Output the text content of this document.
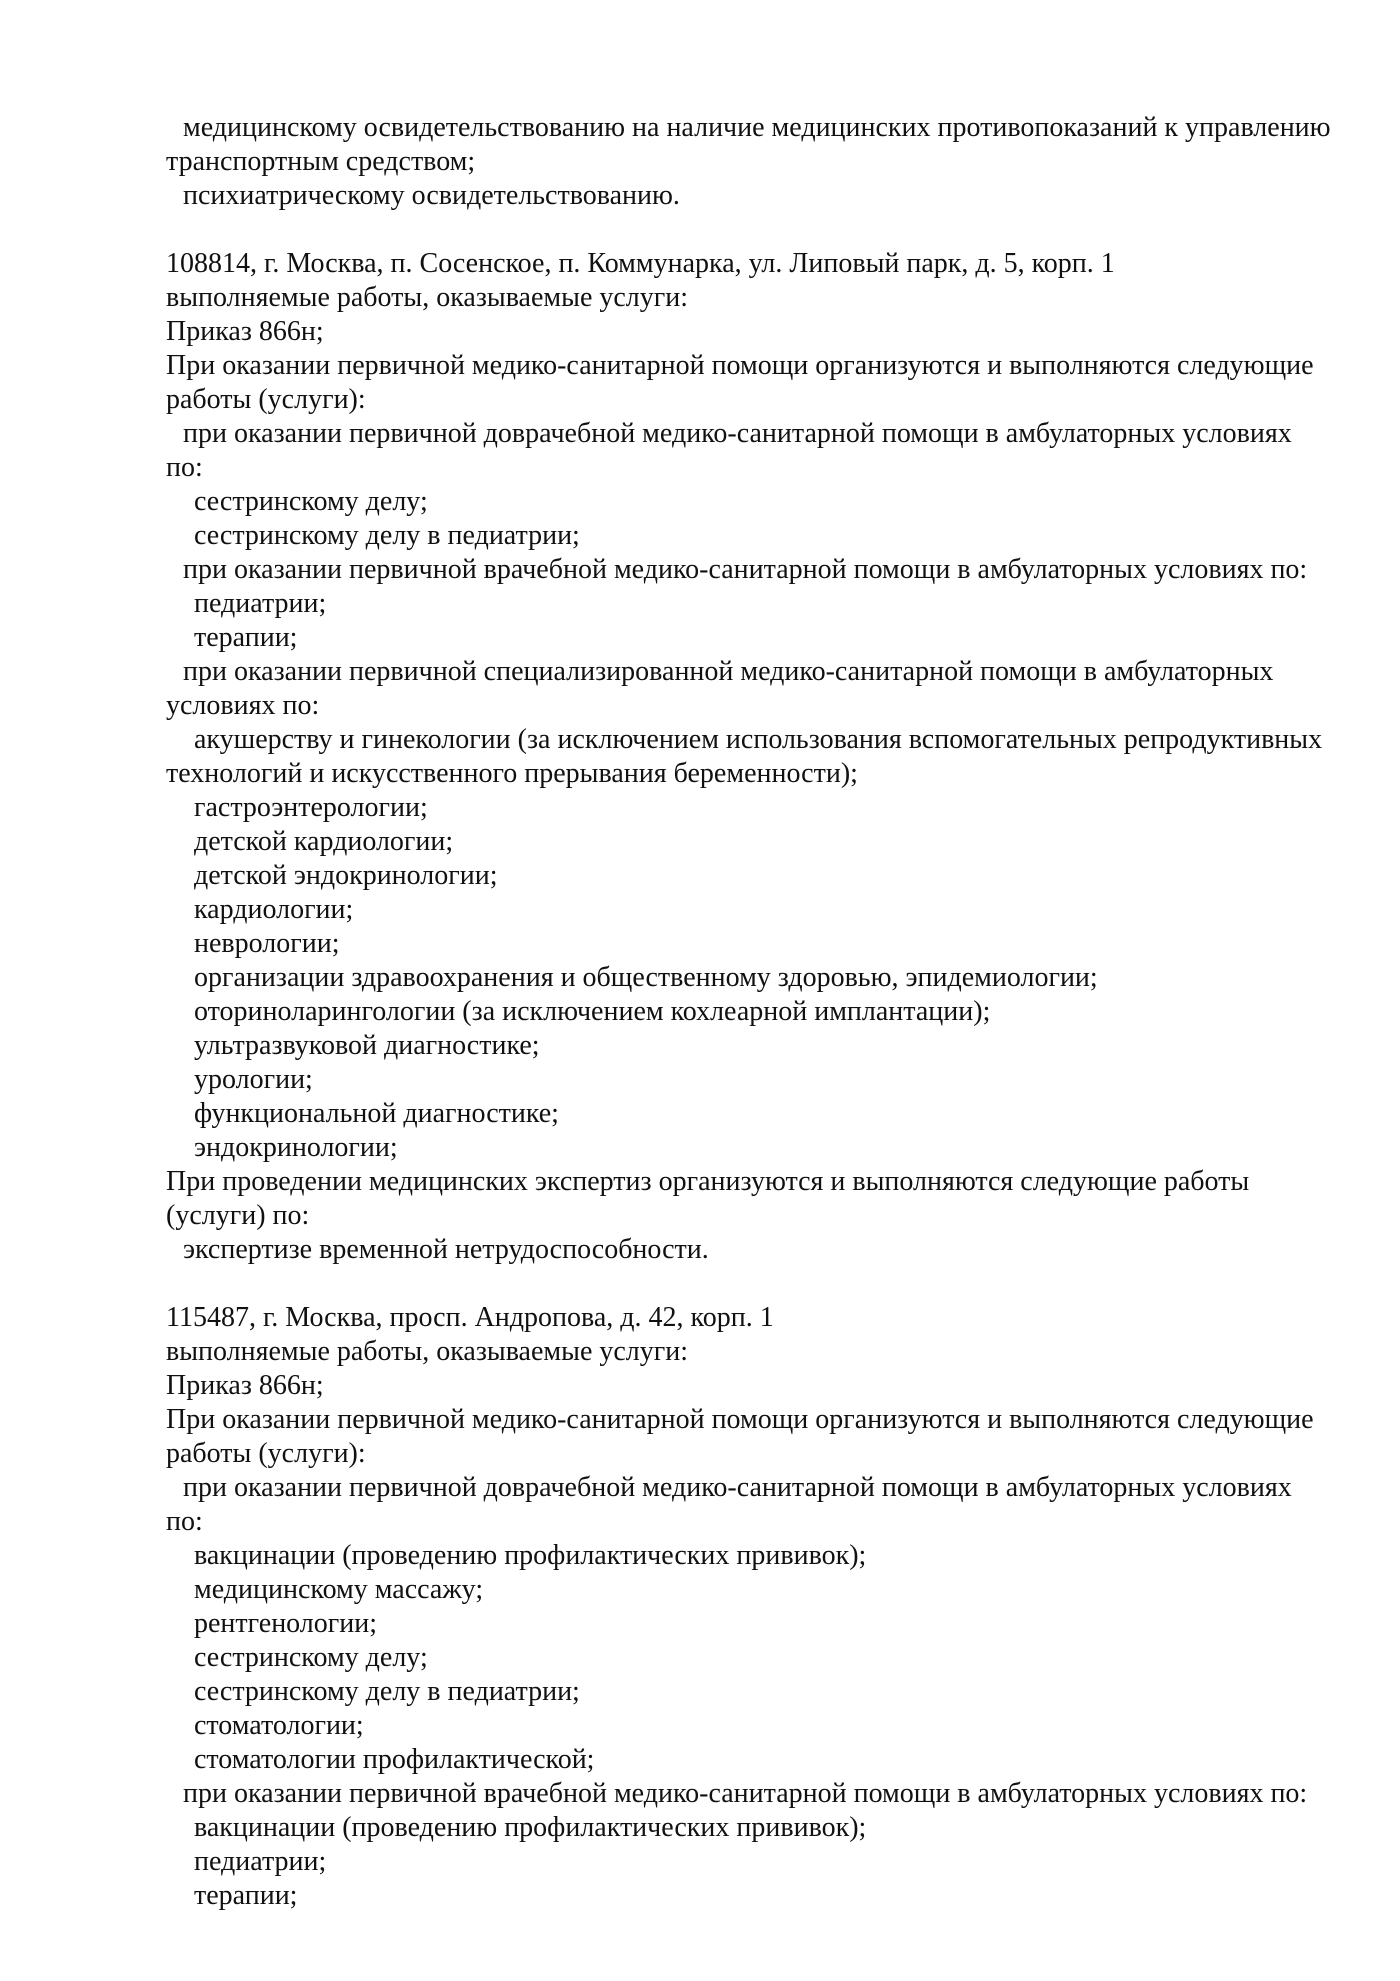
медицинскому освидетельствованию на наличие медицинских противопоказаний к управлению
транспортным средством;
психиатрическому освидетельствованию.

108814, г. Москва, п. Сосенское, п. Коммунарка, ул. Липовый парк, д. 5, корп. 1
выполняемые работы, оказываемые услуги:
Приказ 866н;
При оказании первичной медико-санитарной помощи организуются и выполняются следующие
работы (услуги):
при оказании первичной доврачебной медико-санитарной помощи в амбулаторных условиях
по:
сестринскому делу;
сестринскому делу в педиатрии;
при оказании первичной врачебной медико-санитарной помощи в амбулаторных условиях по:
педиатрии;
терапии;
при оказании первичной специализированной медико-санитарной помощи в амбулаторных
условиях по:
акушерству и гинекологии (за исключением использования вспомогательных репродуктивных
технологий и искусственного прерывания беременности);
гастроэнтерологии;
детской кардиологии;
детской эндокринологии;
кардиологии;
неврологии;
организации здравоохранения и общественному здоровью, эпидемиологии;
оториноларингологии (за исключением кохлеарной имплантации);
ультразвуковой диагностике;
урологии;
функциональной диагностике;
эндокринологии;
При проведении медицинских экспертиз организуются и выполняются следующие работы
(услуги) по:
экспертизе временной нетрудоспособности.

115487, г. Москва, просп. Андропова, д. 42, корп. 1
выполняемые работы, оказываемые услуги:
Приказ 866н;
При оказании первичной медико-санитарной помощи организуются и выполняются следующие
работы (услуги):
при оказании первичной доврачебной медико-санитарной помощи в амбулаторных условиях
по:
вакцинации (проведению профилактических прививок);
медицинскому массажу;
рентгенологии;
сестринскому делу;
сестринскому делу в педиатрии;
стоматологии;
стоматологии профилактической;
при оказании первичной врачебной медико-санитарной помощи в амбулаторных условиях по:
вакцинации (проведению профилактических прививок);
педиатрии;
терапии;
